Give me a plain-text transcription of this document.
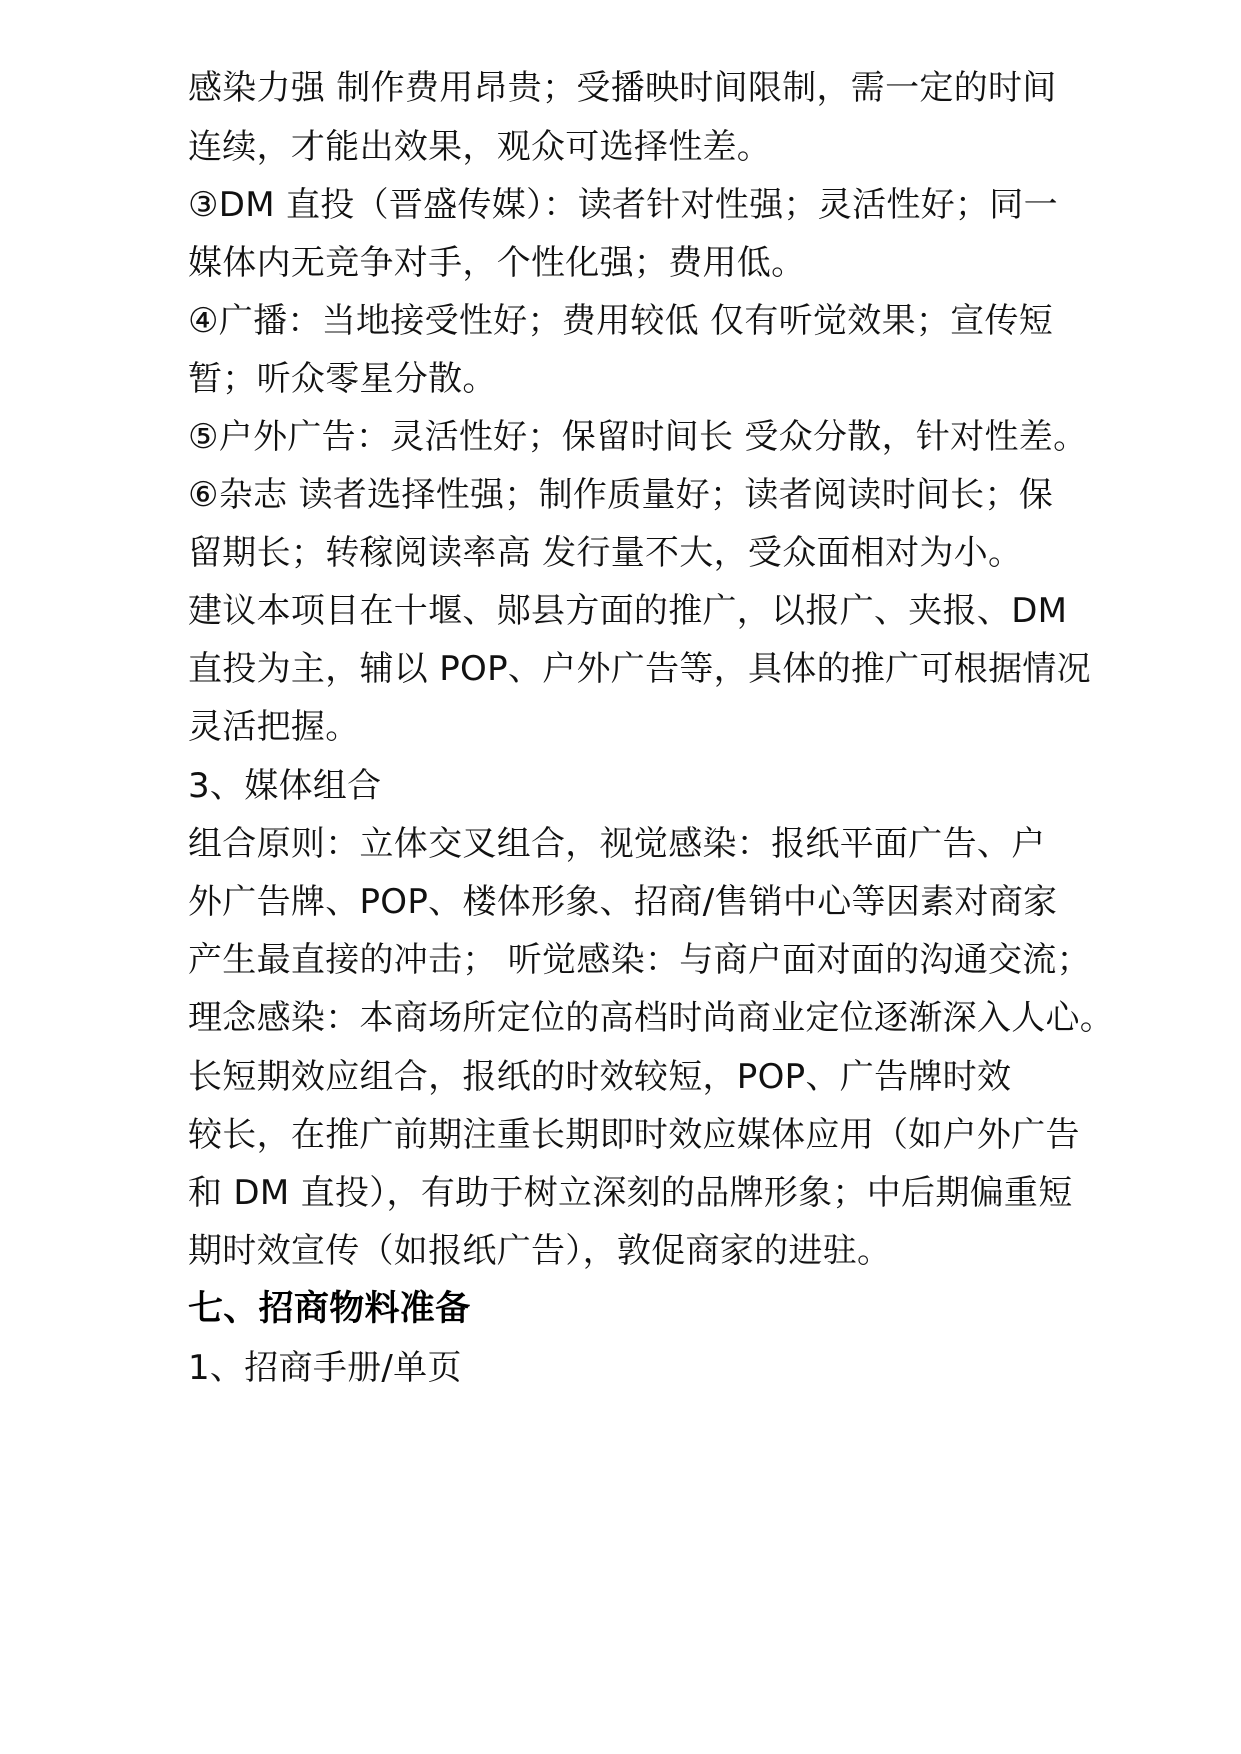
感染力强 制作费用昂贵；受播映时间限制，需一定的时间
连续，才能出效果，观众可选择性差。
③DM 直投（晋盛传媒）：读者针对性强；灵活性好；同一
媒体内无竞争对手，个性化强；费用低。
④广播：当地接受性好；费用较低 仅有听觉效果；宣传短
暂；听众零星分散。
⑤户外广告：灵活性好；保留时间长 受众分散，针对性差。
⑥杂志 读者选择性强；制作质量好；读者阅读时间长；保
留期长；转稼阅读率高 发行量不大，受众面相对为小。
建议本项目在十堰、郧县方面的推广，以报广、夹报、DM
直投为主，辅以 POP、户外广告等，具体的推广可根据情况
灵活把握。
3、媒体组合
组合原则：立体交叉组合，视觉感染：报纸平面广告、户
外广告牌、POP、楼体形象、招商/售销中心等因素对商家
产生最直接的冲击； 听觉感染：与商户面对面的沟通交流；
理念感染：本商场所定位的高档时尚商业定位逐渐深入人心。
长短期效应组合，报纸的时效较短，POP、广告牌时效
较长，在推广前期注重长期即时效应媒体应用（如户外广告
和 DM 直投），有助于树立深刻的品牌形象；中后期偏重短
期时效宣传（如报纸广告），敦促商家的进驻。
七、招商物料准备
1、招商手册/单页
